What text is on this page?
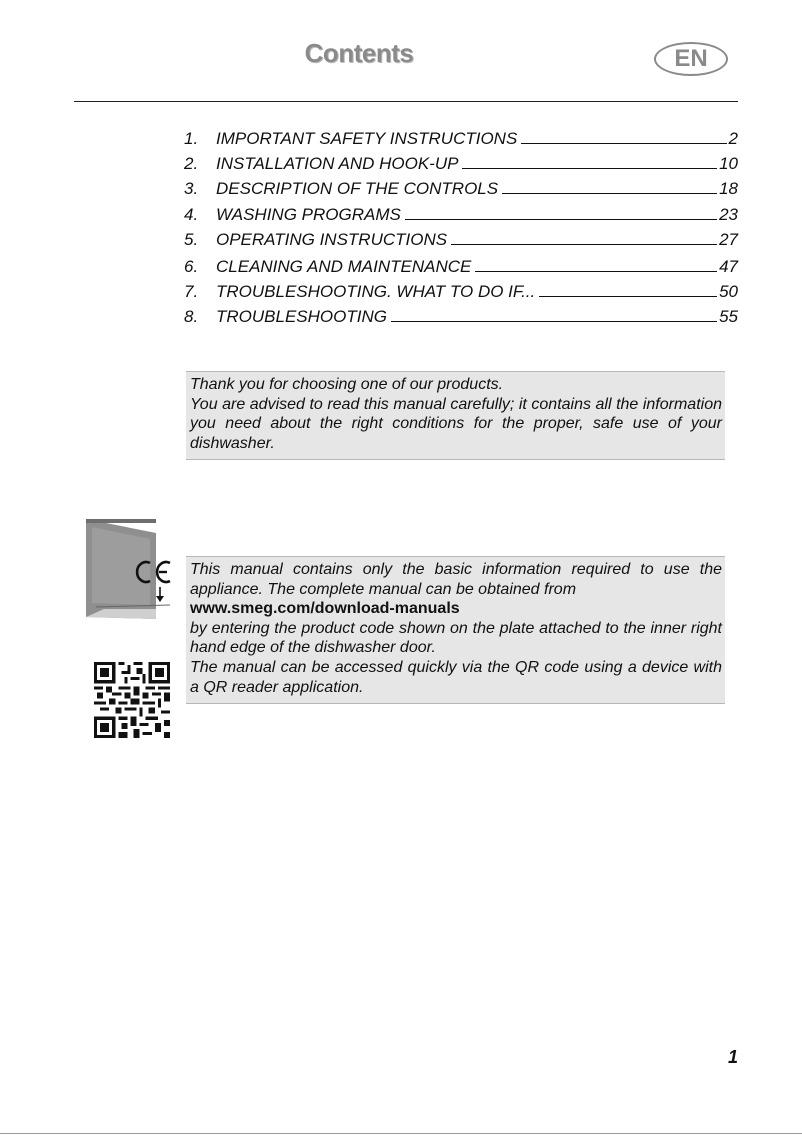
Contents	EN
1.	IMPORTANT SAFETY INSTRUCTIONS	2
2.	INSTALLATION AND HOOK-UP	10
3.	DESCRIPTION OF THE CONTROLS	18
4.	WASHING PROGRAMS	23
5.	OPERATING INSTRUCTIONS	27
6.	CLEANING AND MAINTENANCE	47
7.	TROUBLESHOOTING. WHAT TO DO IF...	50
8.	TROUBLESHOOTING	55

Thank you for choosing one of our products.

You are advised to read this manual carefully; it contains all the information you need about the right conditions for the proper, safe use of your dishwasher.

This manual contains only the basic information required to use the appliance. The complete manual can be obtained from

www.smeg.com/download-manuals

by entering the product code shown on the plate attached to the inner right hand edge of the dishwasher door.

The manual can be accessed quickly via the QR code using a device with a QR reader application.

1
